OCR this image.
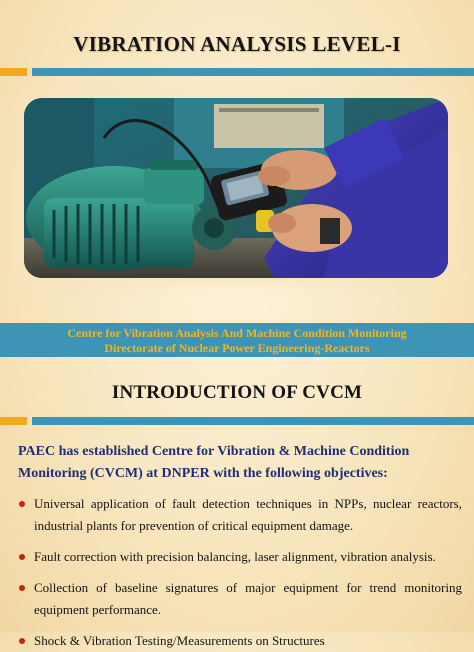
VIBRATION ANALYSIS LEVEL-I
Centre for Vibration Analysis And Machine Condition Monitoring
Directorate of Nuclear Power Engineering-Reactors
INTRODUCTION OF CVCM
PAEC has established Centre for Vibration & Machine Condition Monitoring (CVCM) at DNPER with the following objectives:
Universal application of fault detection techniques in NPPs, nuclear reactors, industrial plants for prevention of critical equipment damage.
Fault correction with precision balancing, laser alignment, vibration analysis.
Collection of baseline signatures of major equipment for trend monitoring equipment performance.
Shock & Vibration Testing/Measurements on Structures
